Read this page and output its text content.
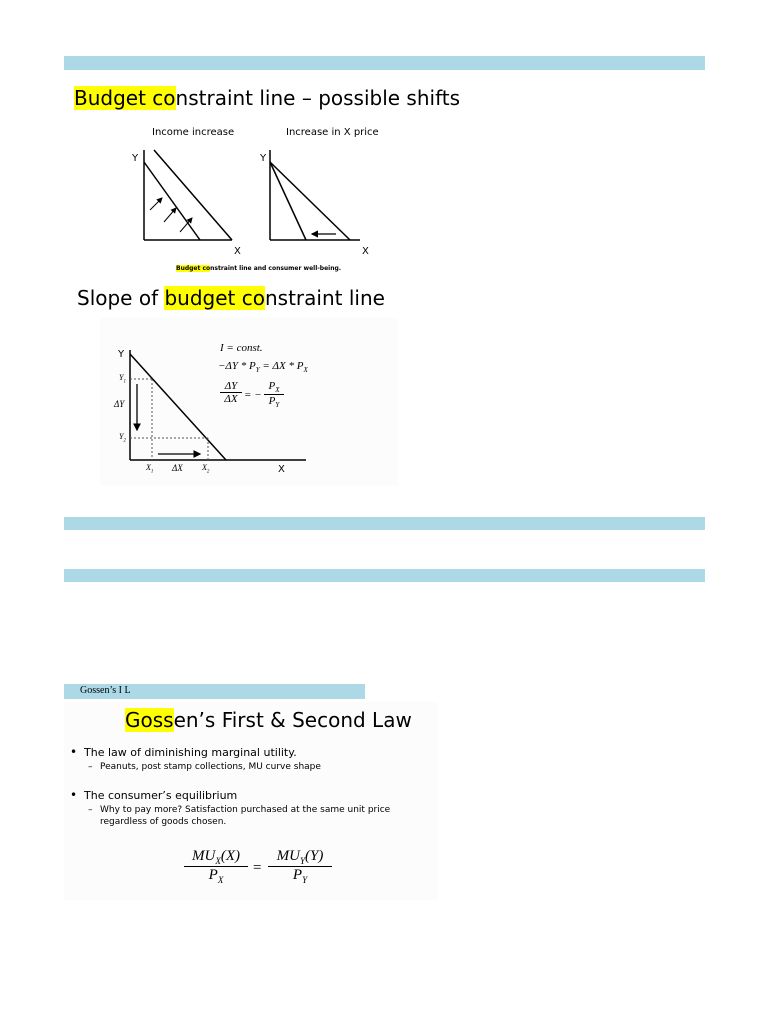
Budget constraint line – possible shifts
Income increase	Increase in X price
Y
X
Y
X
Budget constraint line and consumer well-being.
Slope of budget constraint line
Y
X
$Y_1$
$Y_2$
ΔY
$X_1$ ΔX $X_2$
I = const.
$-\Delta Y * P_Y = \Delta X * P_X$
ΔY
ΔX = −
$P_X$
$P_Y$
Gossen’s I L
Gossen’s First & Second Law
• The law of diminishing marginal utility.
– Peanuts, post stamp collections, MU curve shape
• The consumer’s equilibrium
– Why to pay more? Satisfaction purchased at the same unit price regardless of goods chosen.
$MU_X(X)$
$P_X$
=
$MU_Y(Y)$
$P_Y$
